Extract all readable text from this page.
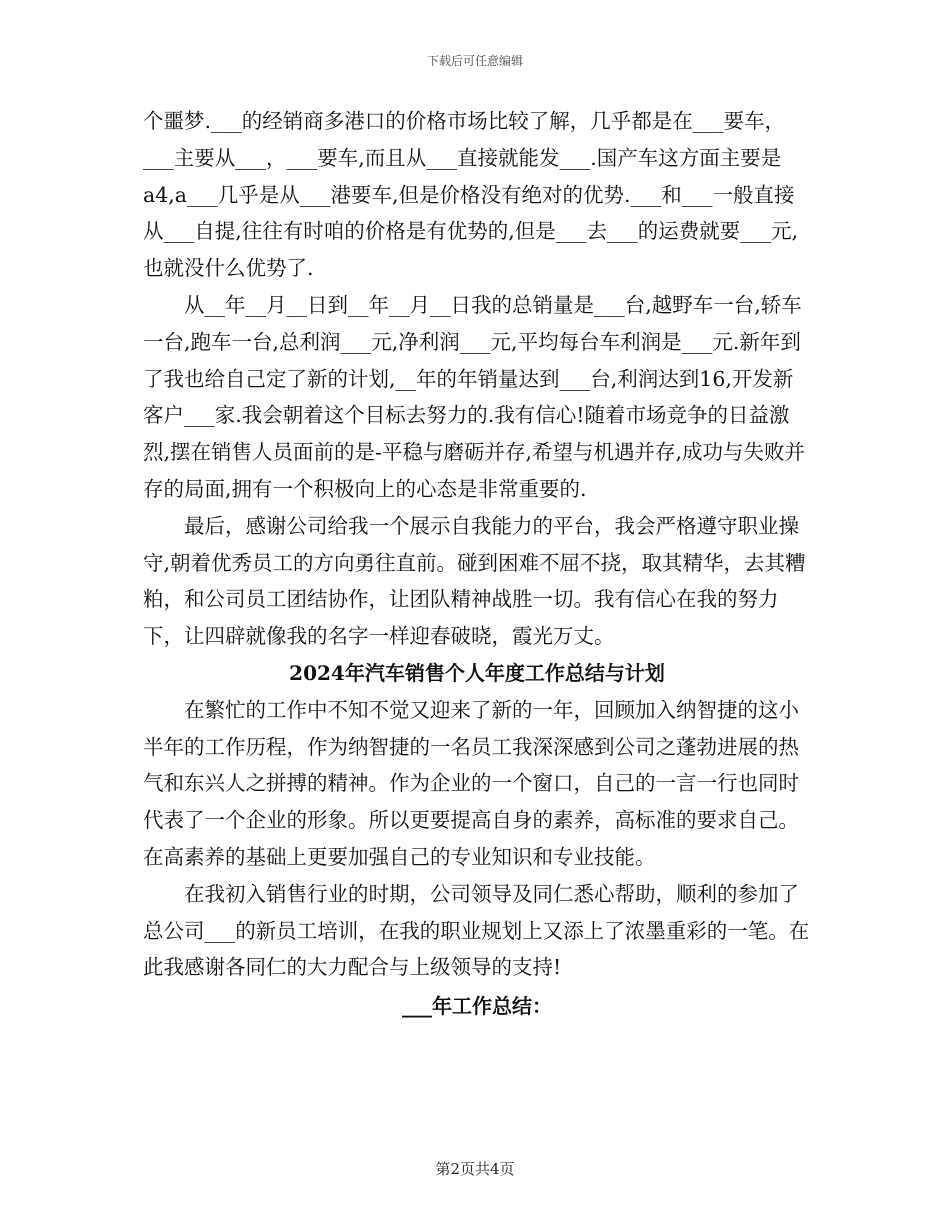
下载后可任意编辑

个噩梦.___的经销商多港口的价格市场比较了解，几乎都是在___要车，___主要从___，___要车,而且从___直接就能发___.国产车这方面主要是a4,a___几乎是从___港要车,但是价格没有绝对的优势.___和___一般直接从___自提,往往有时咱的价格是有优势的,但是___去___的运费就要___元,也就没什么优势了.

从__年__月__日到__年__月__日我的总销量是___台,越野车一台,轿车一台,跑车一台,总利润___元,净利润___元,平均每台车利润是___元.新年到了我也给自己定了新的计划,__年的年销量达到___台,利润达到16,开发新客户___家.我会朝着这个目标去努力的.我有信心!随着市场竞争的日益激烈,摆在销售人员面前的是-平稳与磨砺并存,希望与机遇并存,成功与失败并存的局面,拥有一个积极向上的心态是非常重要的.

最后，感谢公司给我一个展示自我能力的平台，我会严格遵守职业操守,朝着优秀员工的方向勇往直前。碰到困难不屈不挠，取其精华，去其糟粕，和公司员工团结协作，让团队精神战胜一切。我有信心在我的努力下，让四辟就像我的名字一样迎春破晓，霞光万丈。

2024年汽车销售个人年度工作总结与计划

在繁忙的工作中不知不觉又迎来了新的一年，回顾加入纳智捷的这小半年的工作历程，作为纳智捷的一名员工我深深感到公司之蓬勃进展的热气和东兴人之拼搏的精神。作为企业的一个窗口，自己的一言一行也同时代表了一个企业的形象。所以更要提高自身的素养，高标准的要求自己。在高素养的基础上更要加强自己的专业知识和专业技能。

在我初入销售行业的时期，公司领导及同仁悉心帮助，顺利的参加了总公司___的新员工培训，在我的职业规划上又添上了浓墨重彩的一笔。在此我感谢各同仁的大力配合与上级领导的支持!

___年工作总结：

第2页共4页
